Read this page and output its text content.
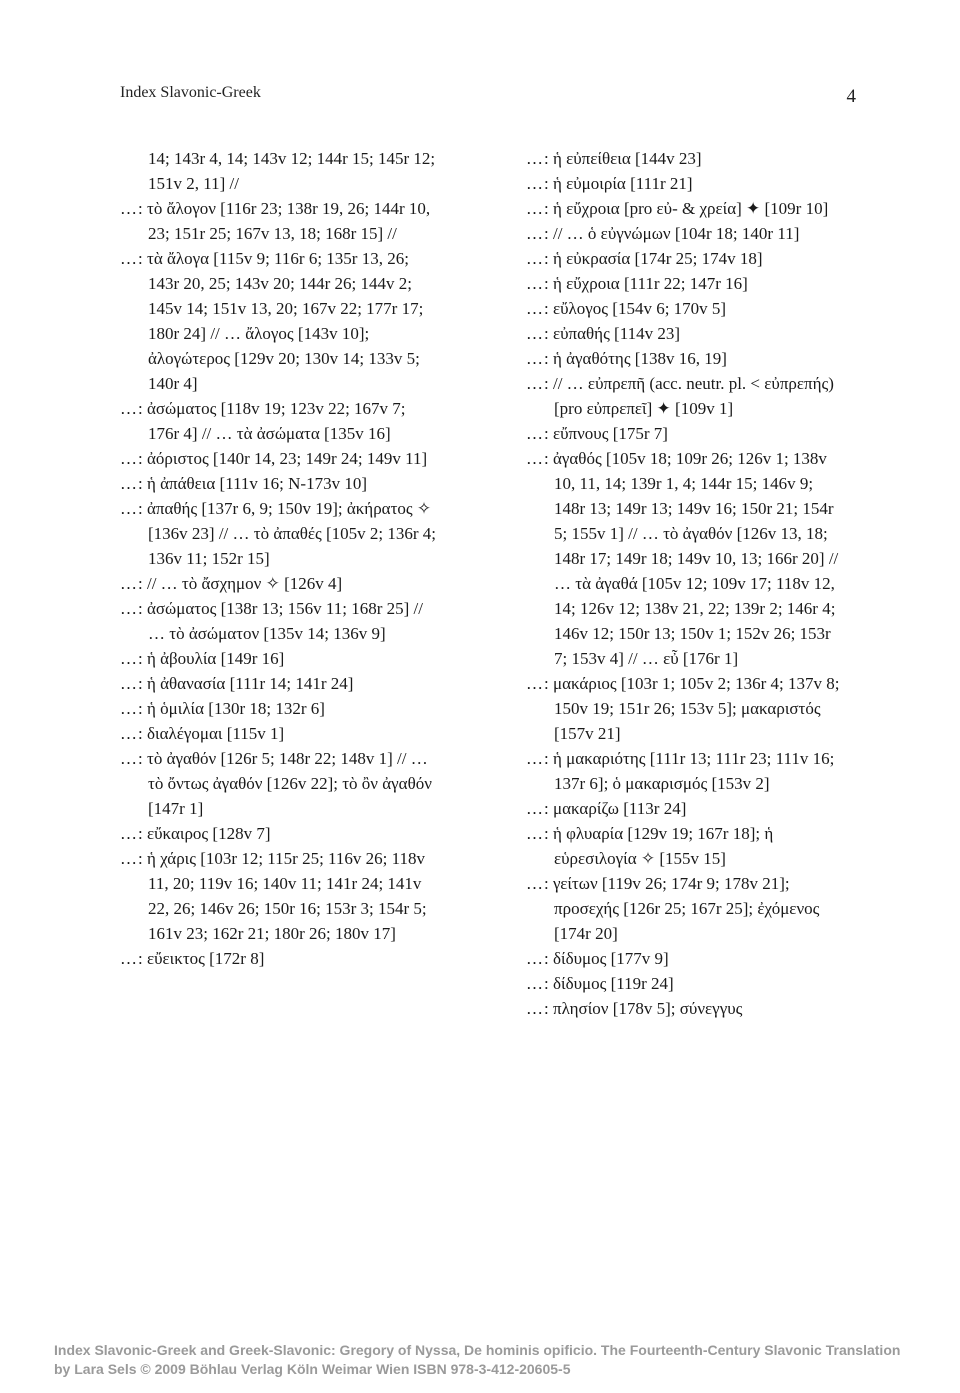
Index Slavonic-Greek	4
14; 143r 4, 14; 143v 12; 144r 15; 145r 12; 151v 2, 11] //
…: τὸ ἄλογον [116r 23; 138r 19, 26; 144r 10, 23; 151r 25; 167v 13, 18; 168r 15] //
…: τὰ ἄλογα [115v 9; 116r 6; 135r 13, 26; 143r 20, 25; 143v 20; 144r 26; 144v 2; 145v 14; 151v 13, 20; 167v 22; 177r 17; 180r 24] // … ἄλογος [143v 10]; ἀλογώτερος [129v 20; 130v 14; 133v 5; 140r 4]
…: ἀσώματος [118v 19; 123v 22; 167v 7; 176r 4] // … τὰ ἀσώματα [135v 16]
…: ἀόριστος [140r 14, 23; 149r 24; 149v 11]
…: ἡ ἀπάθεια [111v 16; N-173v 10]
…: ἀπαθής [137r 6, 9; 150v 19]; ἀκήρατος ✧ [136v 23] // … τὸ ἀπαθές [105v 2; 136r 4; 136v 11; 152r 15]
…: // … τὸ ἄσχημον ✧ [126v 4]
…: ἀσώματος [138r 13; 156v 11; 168r 25] // … τὸ ἀσώματον [135v 14; 136v 9]
…: ἡ ἀβουλία [149r 16]
…: ἡ ἀθανασία [111r 14; 141r 24]
…: ἡ ὁμιλία [130r 18; 132r 6]
…: διαλέγομαι [115v 1]
…: τὸ ἀγαθόν [126r 5; 148r 22; 148v 1] // … τὸ ὄντως ἀγαθόν [126v 22]; τὸ ὂν ἀγαθόν [147r 1]
…: εὔκαιρος [128v 7]
…: ἡ χάρις [103r 12; 115r 25; 116v 26; 118v 11, 20; 119v 16; 140v 11; 141r 24; 141v 22, 26; 146v 26; 150r 16; 153r 3; 154r 5; 161v 23; 162r 21; 180r 26; 180v 17]
…: εὔεικτος [172r 8]
…: ἡ εὐπείθεια [144v 23]
…: ἡ εὐμοιρία [111r 21]
…: ἡ εὔχροια [pro εὐ- & χρεία] ✦ [109r 10]
…: // … ὁ εὐγνώμων [104r 18; 140r 11]
…: ἡ εὐκρασία [174r 25; 174v 18]
…: ἡ εὔχροια [111r 22; 147r 16]
…: εὔλογος [154v 6; 170v 5]
…: εὐπαθής [114v 23]
…: ἡ ἀγαθότης [138v 16, 19]
…: // … εὐπρεπῆ (acc. neutr. pl. < εὐπρεπής) [pro εὐπρεπεῖ] ✦ [109v 1]
…: εὔπνους [175r 7]
…: ἀγαθός [105v 18; 109r 26; 126v 1; 138v 10, 11, 14; 139r 1, 4; 144r 15; 146v 9; 148r 13; 149r 13; 149v 16; 150r 21; 154r 5; 155v 1] // … τὸ ἀγαθόν [126v 13, 18; 148r 17; 149r 18; 149v 10, 13; 166r 20] // … τὰ ἀγαθά [105v 12; 109v 17; 118v 12, 14; 126v 12; 138v 21, 22; 139r 2; 146r 4; 146v 12; 150r 13; 150v 1; 152v 26; 153r 7; 153v 4] // … εὖ [176r 1]
…: μακάριος [103r 1; 105v 2; 136r 4; 137v 8; 150v 19; 151r 26; 153v 5]; μακαριστός [157v 21]
…: ἡ μακαριότης [111r 13; 111r 23; 111v 16; 137r 6]; ὁ μακαρισμός [153v 2]
…: μακαρίζω [113r 24]
…: ἡ φλυαρία [129v 19; 167r 18]; ἡ εὑρεσιλογία ✧ [155v 15]
…: γείτων [119v 26; 174r 9; 178v 21]; προσεχής [126r 25; 167r 25]; ἐχόμενος [174r 20]
…: δίδυμος [177v 9]
…: δίδυμος [119r 24]
…: πλησίον [178v 5]; σύνεγγυς
Index Slavonic-Greek and Greek-Slavonic: Gregory of Nyssa, De hominis opificio. The Fourteenth-Century Slavonic Translation
by Lara Sels © 2009 Böhlau Verlag Köln Weimar Wien ISBN 978-3-412-20605-5
